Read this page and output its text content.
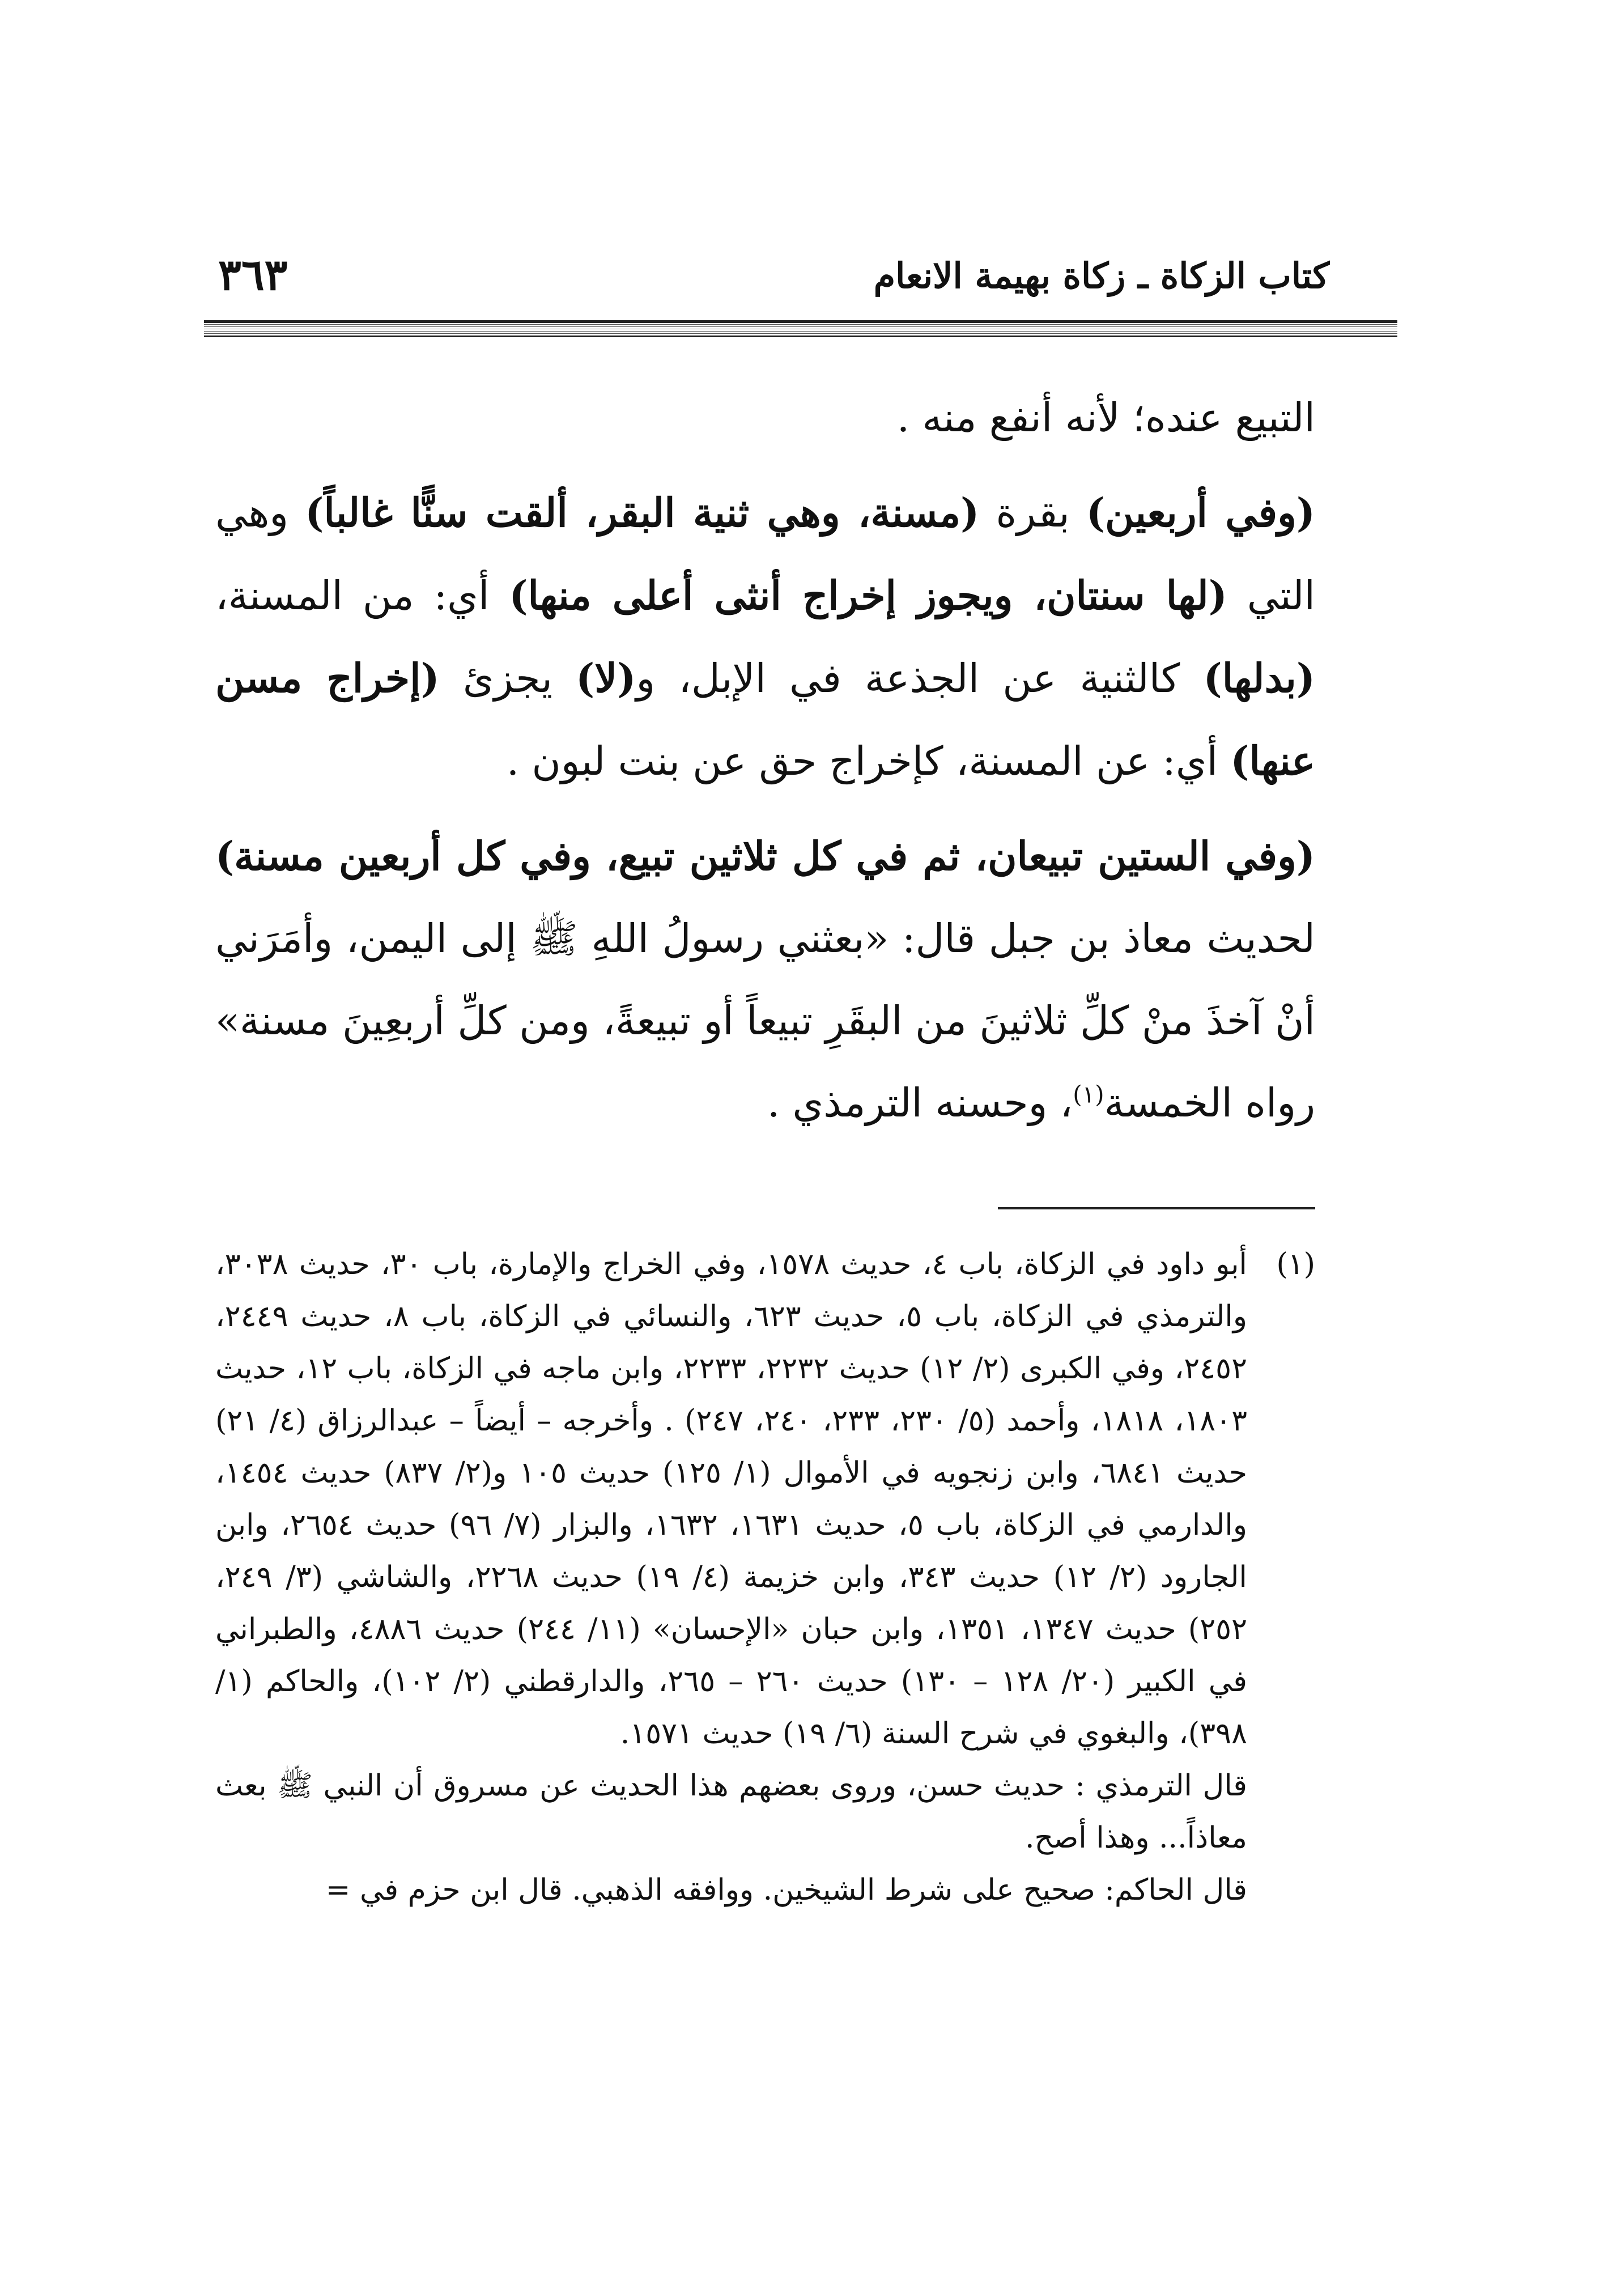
كتاب الزكاة ـ زكاة بهيمة الانعام
٣٦٣

التبيع عنده؛ لأنه أنفع منه .

(وفي أربعين) بقرة (مسنة، وهي ثنية البقر، ألقت سنًّا غالباً) وهي التي (لها سنتان، ويجوز إخراج أنثى أعلى منها) أي: من المسنة، (بدلها) كالثنية عن الجذعة في الإبل، و(لا) يجزئ (إخراج مسن عنها) أي: عن المسنة، كإخراج حق عن بنت لبون .

(وفي الستين تبيعان، ثم في كل ثلاثين تبيع، وفي كل أربعين مسنة) لحديث معاذ بن جبل قال: «بعثني رسولُ اللهِ ﷺ إلى اليمن، وأمَرَني أنْ آخذَ منْ كلِّ ثلاثينَ من البقَرِ تبيعاً أو تبيعةً، ومن كلِّ أربعِينَ مسنة» رواه الخمسة$^{(١)}$، وحسنه الترمذي .

(١)
أبو داود في الزكاة، باب ٤، حديث ١٥٧٨، وفي الخراج والإمارة، باب ٣٠، حديث ٣٠٣٨، والترمذي في الزكاة، باب ٥، حديث ٦٢٣، والنسائي في الزكاة، باب ٨، حديث ٢٤٤٩، ٢٤٥٢، وفي الكبرى (٢/ ١٢) حديث ٢٢٣٢، ٢٢٣٣، وابن ماجه في الزكاة، باب ١٢، حديث ١٨٠٣، ١٨١٨، وأحمد (٥/ ٢٣٠، ٢٣٣، ٢٤٠، ٢٤٧) . وأخرجه – أيضاً – عبدالرزاق (٤/ ٢١) حديث ٦٨٤١، وابن زنجويه في الأموال (١/ ١٢٥) حديث ١٠٥ و(٢/ ٨٣٧) حديث ١٤٥٤، والدارمي في الزكاة، باب ٥، حديث ١٦٣١، ١٦٣٢، والبزار (٧/ ٩٦) حديث ٢٦٥٤، وابن الجارود (٢/ ١٢) حديث ٣٤٣، وابن خزيمة (٤/ ١٩) حديث ٢٢٦٨، والشاشي (٣/ ٢٤٩، ٢٥٢) حديث ١٣٤٧، ١٣٥١، وابن حبان «الإحسان» (١١/ ٢٤٤) حديث ٤٨٨٦، والطبراني في الكبير (٢٠/ ١٢٨ – ١٣٠) حديث ٢٦٠ – ٢٦٥، والدارقطني (٢/ ١٠٢)، والحاكم (١/ ٣٩٨)، والبغوي في شرح السنة (٦/ ١٩) حديث ١٥٧١.

قال الترمذي : حديث حسن، وروى بعضهم هذا الحديث عن مسروق أن النبي ﷺ بعث معاذاً... وهذا أصح.

قال الحاكم: صحيح على شرط الشيخين. ووافقه الذهبي. قال ابن حزم في =
